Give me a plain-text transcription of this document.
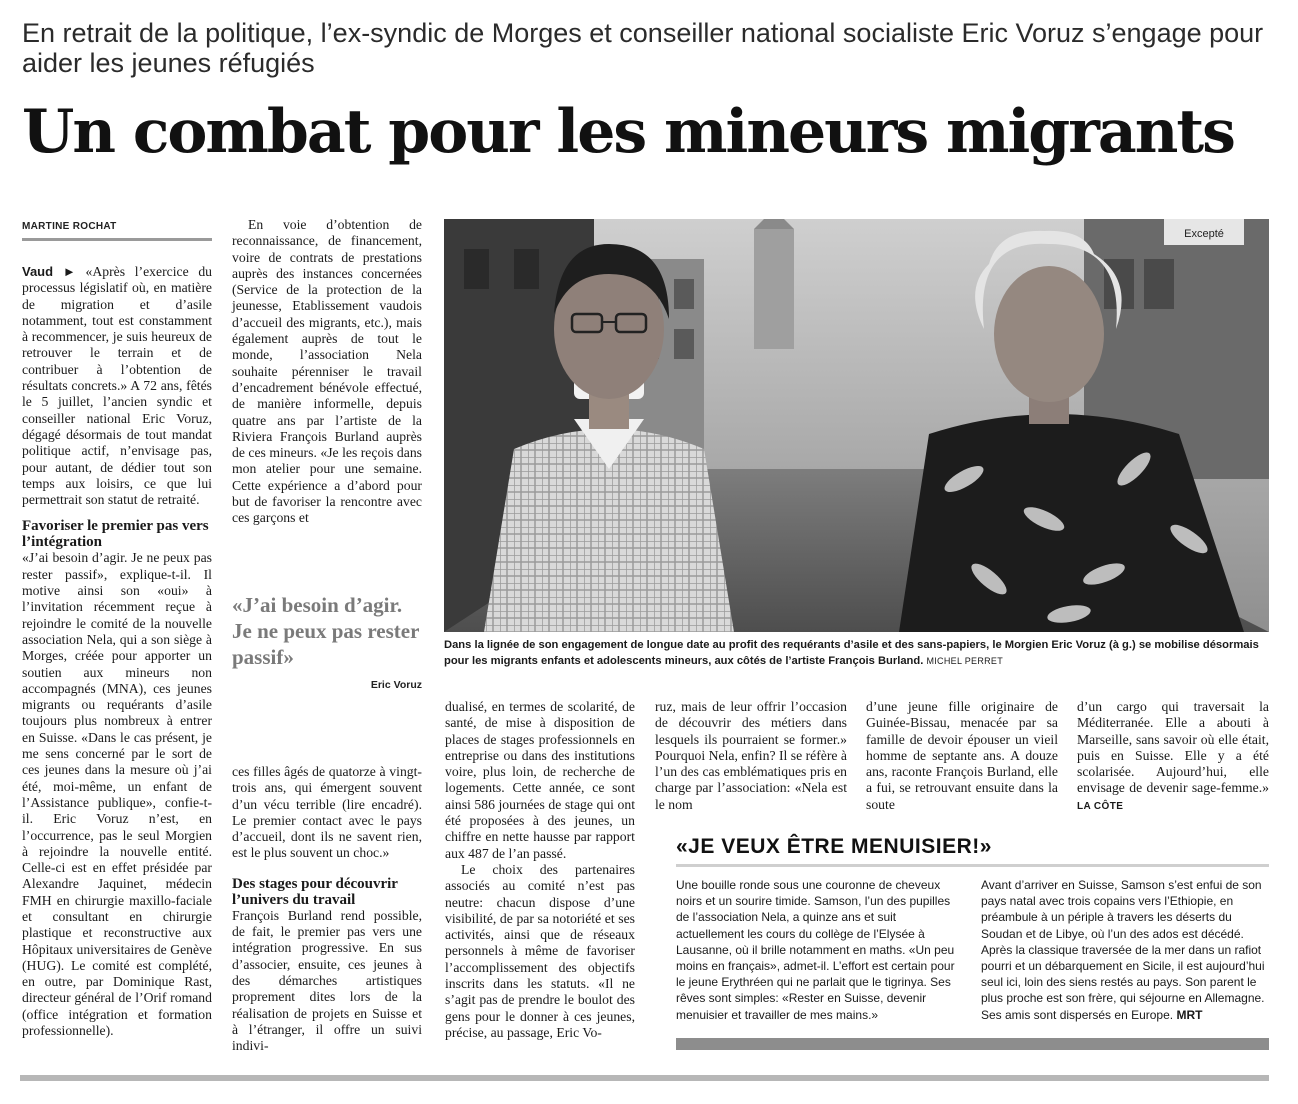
En retrait de la politique, l’ex-syndic de Morges et conseiller national socialiste Eric Voruz s’engage pour aider les jeunes réfugiés
Un combat pour les mineurs migrants
MARTINE ROCHAT

Vaud ► «Après l’exercice du processus législatif où, en matière de migration et d’asile notamment, tout est constamment à recommencer, je suis heureux de retrouver le terrain et de contribuer à l’obtention de résultats concrets.» A 72 ans, fêtés le 5 juillet, l’ancien syndic et conseiller national Eric Voruz, dégagé désormais de tout mandat politique actif, n’envisage pas, pour autant, de dédier tout son temps aux loisirs, ce que lui permettrait son statut de retraité.

Favoriser le premier pas vers l’intégration

«J’ai besoin d’agir. Je ne peux pas rester passif», explique-t-il. Il motive ainsi son «oui» à l’invitation récemment reçue à rejoindre le comité de la nouvelle association Nela, qui a son siège à Morges, créée pour apporter un soutien aux mineurs non accompagnés (MNA), ces jeunes migrants ou requérants d’asile toujours plus nombreux à entrer en Suisse. «Dans le cas présent, je me sens concerné par le sort de ces jeunes dans la mesure où j’ai été, moi-même, un enfant de l’Assistance publique», confie-t-il. Eric Voruz n’est, en l’occurrence, pas le seul Morgien à rejoindre la nouvelle entité. Celle-ci est en effet présidée par Alexandre Jaquinet, médecin FMH en chirurgie maxillo-faciale et consultant en chirurgie plastique et reconstructive aux Hôpitaux universitaires de Genève (HUG). Le comité est complété, en outre, par Dominique Rast, directeur général de l’Orif romand (office intégration et formation professionnelle).

En voie d’obtention de reconnaissance, de financement, voire de contrats de prestations auprès des instances concernées (Service de la protection de la jeunesse, Etablissement vaudois d’accueil des migrants, etc.), mais également auprès de tout le monde, l’association Nela souhaite pérenniser le travail d’encadrement bénévole effectué, de manière informelle, depuis quatre ans par l’artiste de la Riviera François Burland auprès de ces mineurs. «Je les reçois dans mon atelier pour une semaine. Cette expérience a d’abord pour but de favoriser la rencontre avec ces garçons et

«J’ai besoin d’agir. Je ne peux pas rester passif»
Eric Voruz

ces filles âgés de quatorze à vingt-trois ans, qui émergent souvent d’un vécu terrible (lire encadré). Le premier contact avec le pays d’accueil, dont ils ne savent rien, est le plus souvent un choc.»

Des stages pour découvrir l’univers du travail

François Burland rend possible, de fait, le premier pas vers une intégration progressive. En sus d’associer, ensuite, ces jeunes à des démarches artistiques proprement dites lors de la réalisation de projets en Suisse et à l’étranger, il offre un suivi indivi-

Excepté
Dans la lignée de son engagement de longue date au profit des requérants d’asile et des sans-papiers, le Morgien Eric Voruz (à g.) se mobilise désormais pour les migrants enfants et adolescents mineurs, aux côtés de l’artiste François Burland. MICHEL PERRET

dualisé, en termes de scolarité, de santé, de mise à disposition de places de stages professionnels en entreprise ou dans des institutions voire, plus loin, de recherche de logements. Cette année, ce sont ainsi 586 journées de stage qui ont été proposées à des jeunes, un chiffre en nette hausse par rapport aux 487 de l’an passé.

Le choix des partenaires associés au comité n’est pas neutre: chacun dispose d’une visibilité, de par sa notoriété et ses activités, ainsi que de réseaux personnels à même de favoriser l’accomplissement des objectifs inscrits dans les statuts. «Il ne s’agit pas de prendre le boulot des gens pour le donner à ces jeunes, précise, au passage, Eric Vo-

ruz, mais de leur offrir l’occasion de découvrir des métiers dans lesquels ils pourraient se former.» Pourquoi Nela, enfin? Il se réfère à l’un des cas emblématiques pris en charge par l’association: «Nela est le nom

d’une jeune fille originaire de Guinée-Bissau, menacée par sa famille de devoir épouser un vieil homme de septante ans. A douze ans, raconte François Burland, elle a fui, se retrouvant ensuite dans la soute

d’un cargo qui traversait la Méditerranée. Elle a abouti à Marseille, sans savoir où elle était, puis en Suisse. Elle y a été scolarisée. Aujourd’hui, elle envisage de devenir sage-femme.» LA CÔTE

«JE VEUX ÊTRE MENUISIER!»

Une bouille ronde sous une couronne de cheveux noirs et un sourire timide. Samson, l’un des pupilles de l’association Nela, a quinze ans et suit actuellement les cours du collège de l’Elysée à Lausanne, où il brille notamment en maths. «Un peu moins en français», admet-il. L’effort est certain pour le jeune Erythréen qui ne parlait que le tigrinya. Ses rêves sont simples: «Rester en Suisse, devenir menuisier et travailler de mes mains.»

Avant d’arriver en Suisse, Samson s’est enfui de son pays natal avec trois copains vers l’Ethiopie, en préambule à un périple à travers les déserts du Soudan et de Libye, où l’un des ados est décédé. Après la classique traversée de la mer dans un rafiot pourri et un débarquement en Sicile, il est aujourd’hui seul ici, loin des siens restés au pays. Son parent le plus proche est son frère, qui séjourne en Allemagne. Ses amis sont dispersés en Europe. MRT
